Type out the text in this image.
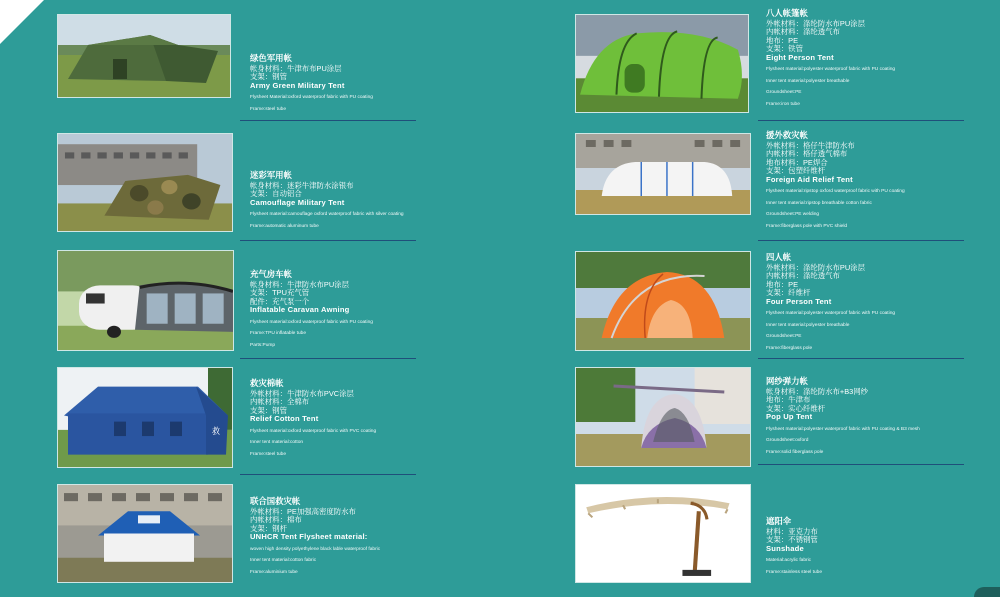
绿色军用帐
帐身材料：牛津布布PU涂层
支架：钢管
Army Green Military Tent
Flysheet Material:oxford waterproof fabric with PU coating
Frame:steel tube
迷彩军用帐
帐身材料：迷彩牛津防水涂银布
支架：自动铝合
Camouflage Military Tent
Flysheet material:camouflage oxford waterproof fabric with silver coating
Frame:automatic aluminum tube
充气房车帐
帐身材料：牛津防水布PU涂层
支架：TPU充气管
配件：充气泵一个
Inflatable Caravan Awning
Flysheet material:oxford waterproof fabric with PU coating
Frame:TPU inflatable tube
Parts:Pump
救
救灾棉帐
外帐材料：牛津防水布PVC涂层
内帐材料：全棉布
支架：钢管
Relief Cotton Tent
Flysheet material:oxford waterproof fabric with PVC coating
Inner tent material:cotton
Frame:steel tube
联合国救灾帐
外帐材料：PE加强高密度防水布
内帐材料：棉布
支架：钢杆
UNHCR Tent Flysheet material:
woven high density polyethylene black lable waterproof fabric
Inner tent material:cotton fabric
Frame:aluminium tube
八人帐篷帐
外帐材料：涤纶防水布PU涂层
内帐材料：涤纶透气布
地布：PE
支架：铁管
Eight Person Tent
Flysheet material:polyester waterproof fabric with PU coating
Inner tent material:polyester breathable
Groundsheet:PE
Frame:iron tube
援外救灾帐
外帐材料：格仔牛津防水布
内帐材料：格仔透气棉布
地布材料：PE焊合
支架：包塑纤维杆
Foreign Aid Relief Tent
Flysheet material:ripstop oxford waterproof fabric with PU coating
Inner tent material:ripstop breathable cotton fabric
Groundsheet:PE welding
Frame:fiberglass pole with PVC shield
四人帐
外帐材料：涤纶防水布PU涂层
内帐材料：涤纶透气布
地布：PE
支架：纤维杆
Four Person Tent
Flysheet material:polyester waterproof fabric with PU coating
Inner tent material:polyester breathable
Groundsheet:PE
Frame:fiberglass pole
网纱弹力帐
帐身材料：涤纶防水布+B3网纱
地布：牛津布
支架：实心纤维杆
Pop Up Tent
Flysheet material:polyester waterproof fabric with PU coating & B3 mesh
Groundsheet:oxford
Frame:solid fiberglass pole
遮阳伞
材料：亚克力布
支架：不锈钢管
Sunshade
Material:acrylic fabric
Frame:stainless steel tube
